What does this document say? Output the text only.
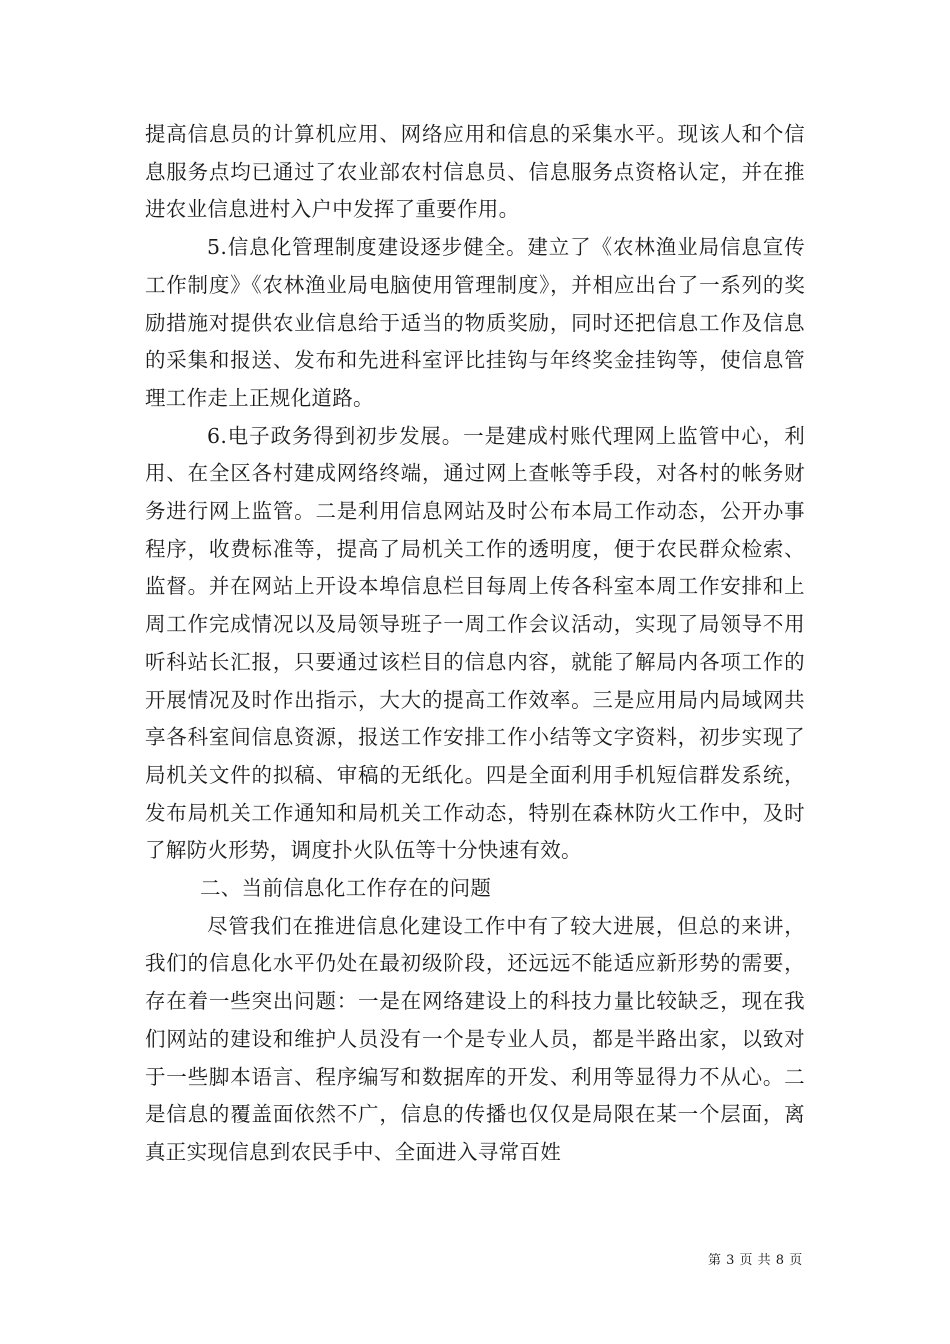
提高信息员的计算机应用、网络应用和信息的采集水平。现该人和个信息服务点均已通过了农业部农村信息员、信息服务点资格认定，并在推进农业信息进村入户中发挥了重要作用。

5.信息化管理制度建设逐步健全。建立了《农林渔业局信息宣传工作制度》《农林渔业局电脑使用管理制度》，并相应出台了一系列的奖励措施对提供农业信息给于适当的物质奖励，同时还把信息工作及信息的采集和报送、发布和先进科室评比挂钩与年终奖金挂钩等，使信息管理工作走上正规化道路。

6.电子政务得到初步发展。一是建成村账代理网上监管中心，利用、在全区各村建成网络终端，通过网上查帐等手段，对各村的帐务财务进行网上监管。二是利用信息网站及时公布本局工作动态，公开办事程序，收费标准等，提高了局机关工作的透明度，便于农民群众检索、监督。并在网站上开设本埠信息栏目每周上传各科室本周工作安排和上周工作完成情况以及局领导班子一周工作会议活动，实现了局领导不用听科站长汇报，只要通过该栏目的信息内容，就能了解局内各项工作的开展情况及时作出指示，大大的提高工作效率。三是应用局内局域网共享各科室间信息资源，报送工作安排工作小结等文字资料，初步实现了局机关文件的拟稿、审稿的无纸化。四是全面利用手机短信群发系统，发布局机关工作通知和局机关工作动态，特别在森林防火工作中，及时了解防火形势，调度扑火队伍等十分快速有效。

二、当前信息化工作存在的问题

尽管我们在推进信息化建设工作中有了较大进展，但总的来讲，我们的信息化水平仍处在最初级阶段，还远远不能适应新形势的需要，存在着一些突出问题：一是在网络建设上的科技力量比较缺乏，现在我们网站的建设和维护人员没有一个是专业人员，都是半路出家，以致对于一些脚本语言、程序编写和数据库的开发、利用等显得力不从心。二是信息的覆盖面依然不广，信息的传播也仅仅是局限在某一个层面，离真正实现信息到农民手中、全面进入寻常百姓

第 3 页 共 8 页
